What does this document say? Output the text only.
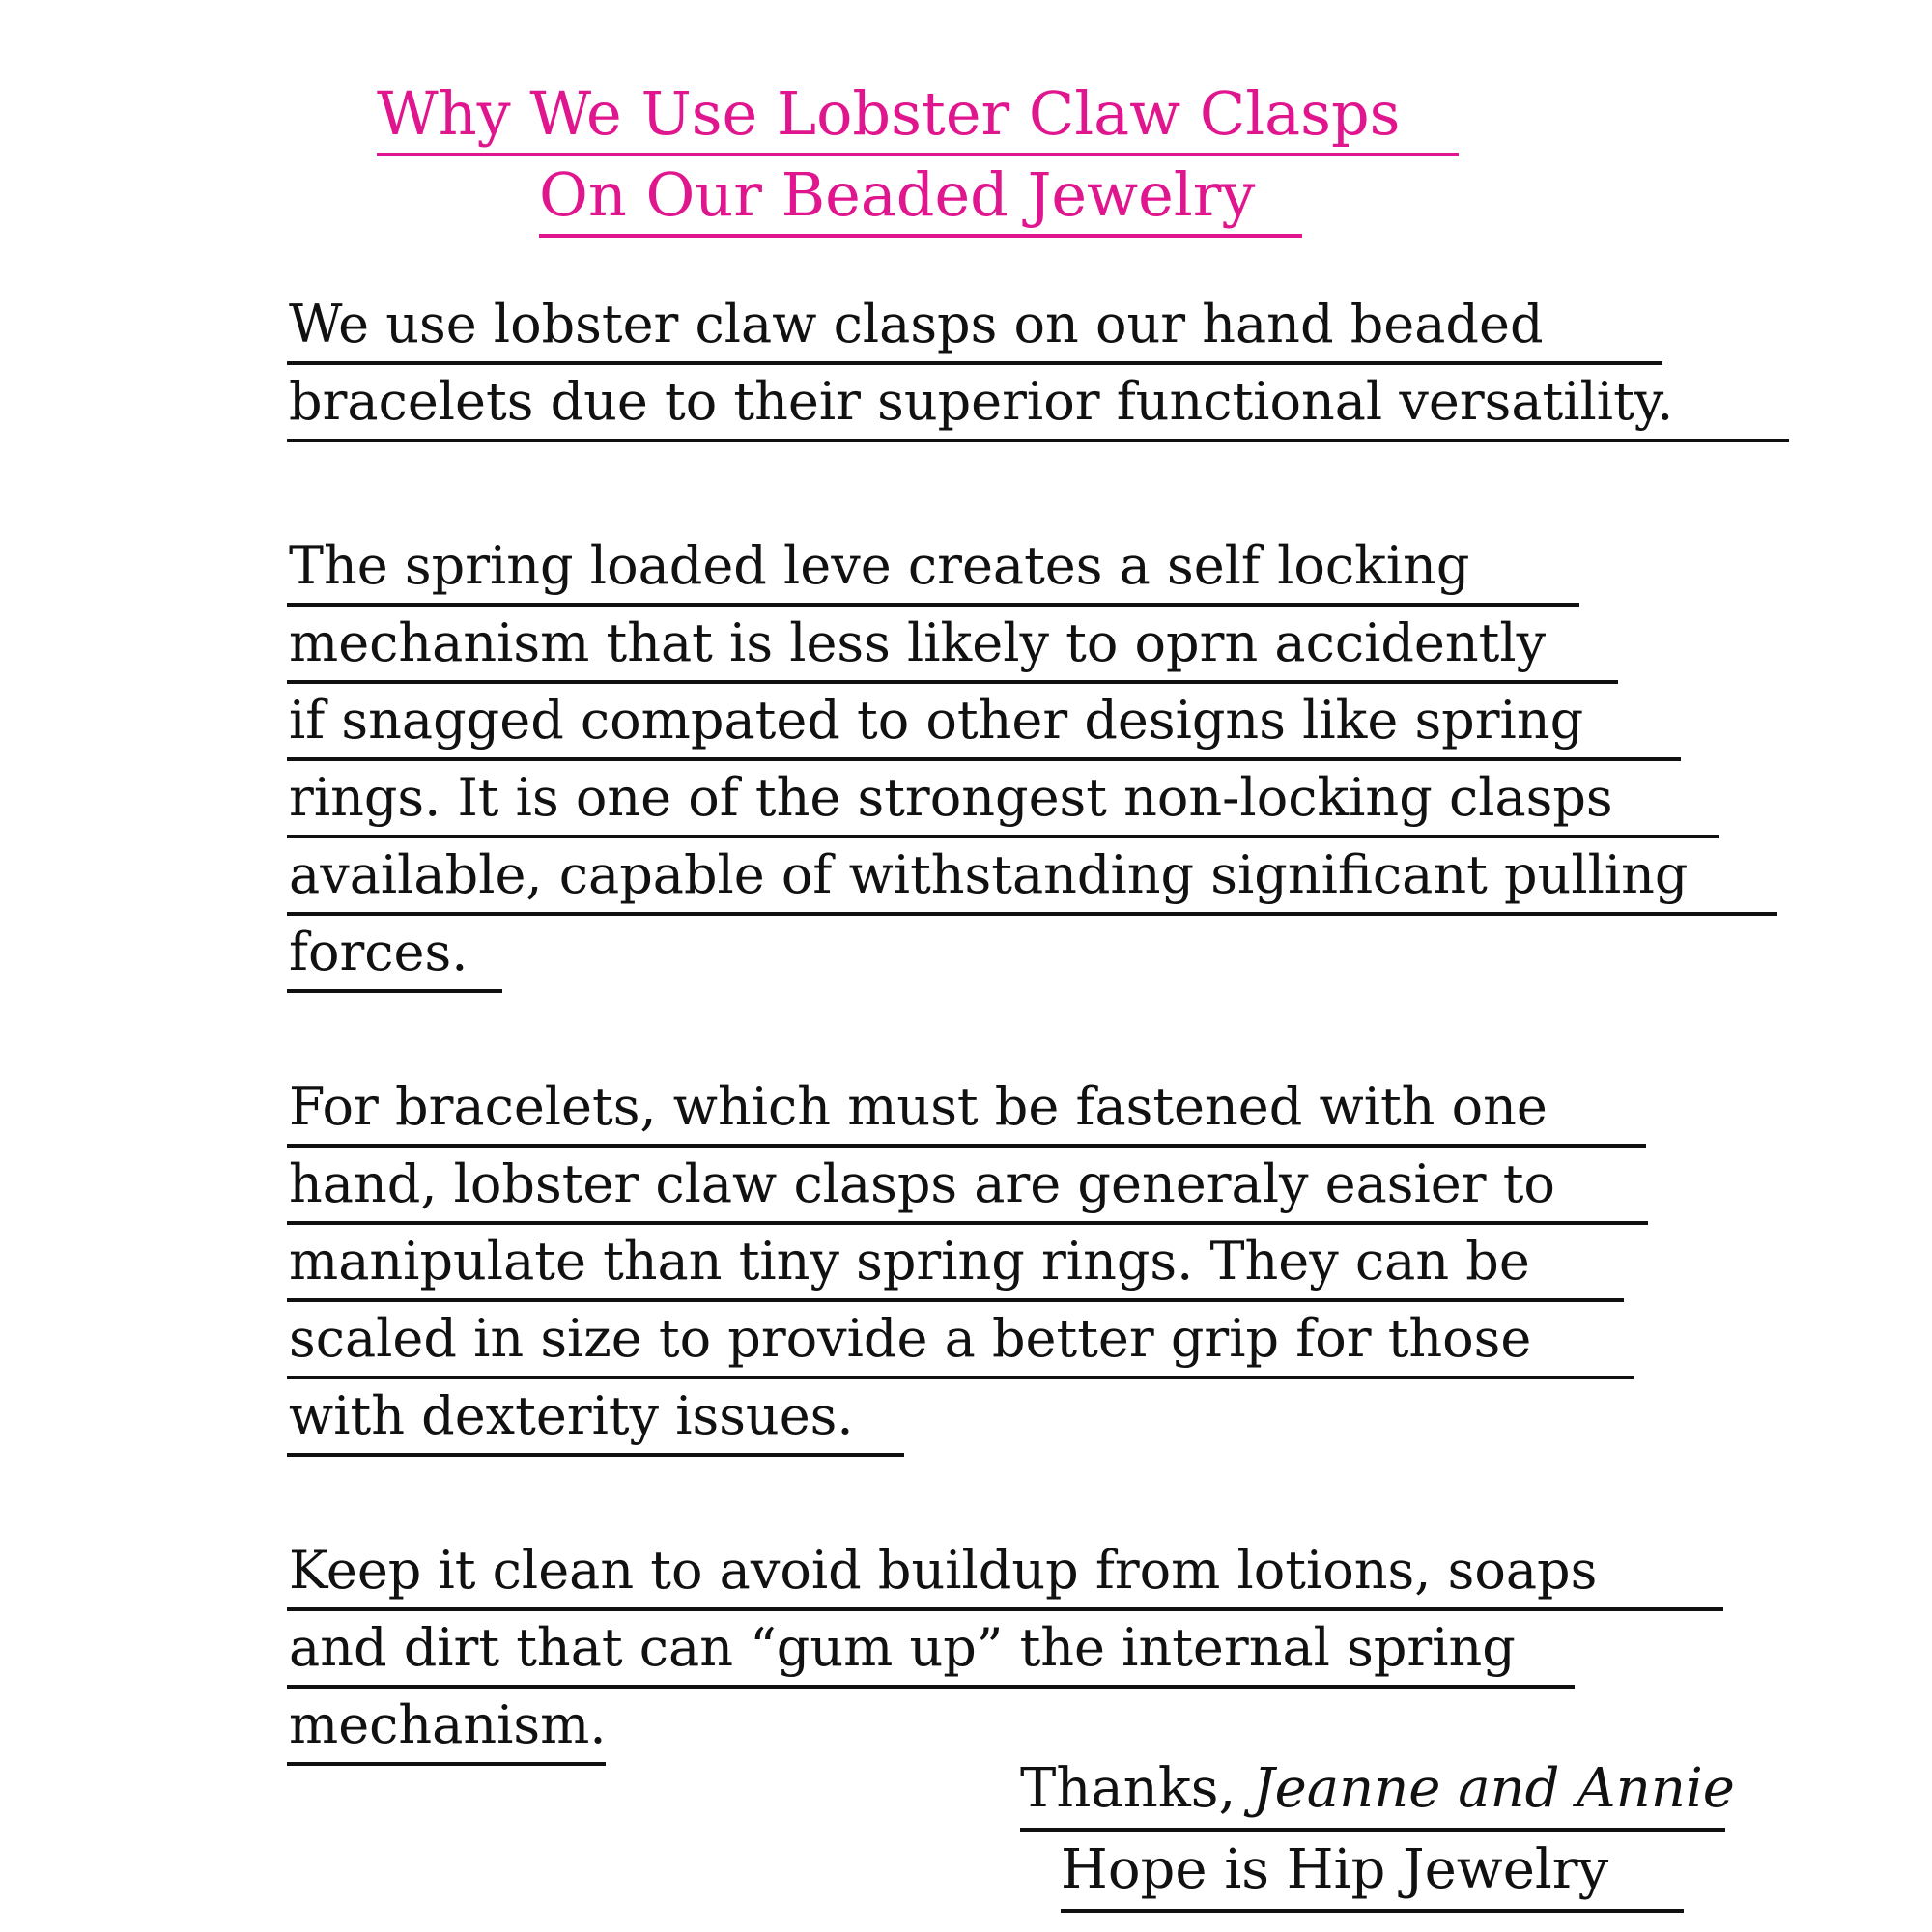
Why We Use Lobster Claw Clasps
On Our Beaded Jewelry
We use lobster claw clasps on our hand beaded
bracelets due to their superior functional versatility.
The spring loaded leve creates a self locking
mechanism that is less likely to oprn accidently
if snagged compated to other designs like spring
rings. It is one of the strongest non-locking clasps
available, capable of withstanding significant pulling
forces.
For bracelets, which must be fastened with one
hand, lobster claw clasps are generaly easier to
manipulate than tiny spring rings. They can be
scaled in size to provide a better grip for those
with dexterity issues.
Keep it clean to avoid buildup from lotions, soaps
and dirt that can “gum up” the internal spring
mechanism.
Thanks, Jeanne and Annie
Hope is Hip Jewelry
